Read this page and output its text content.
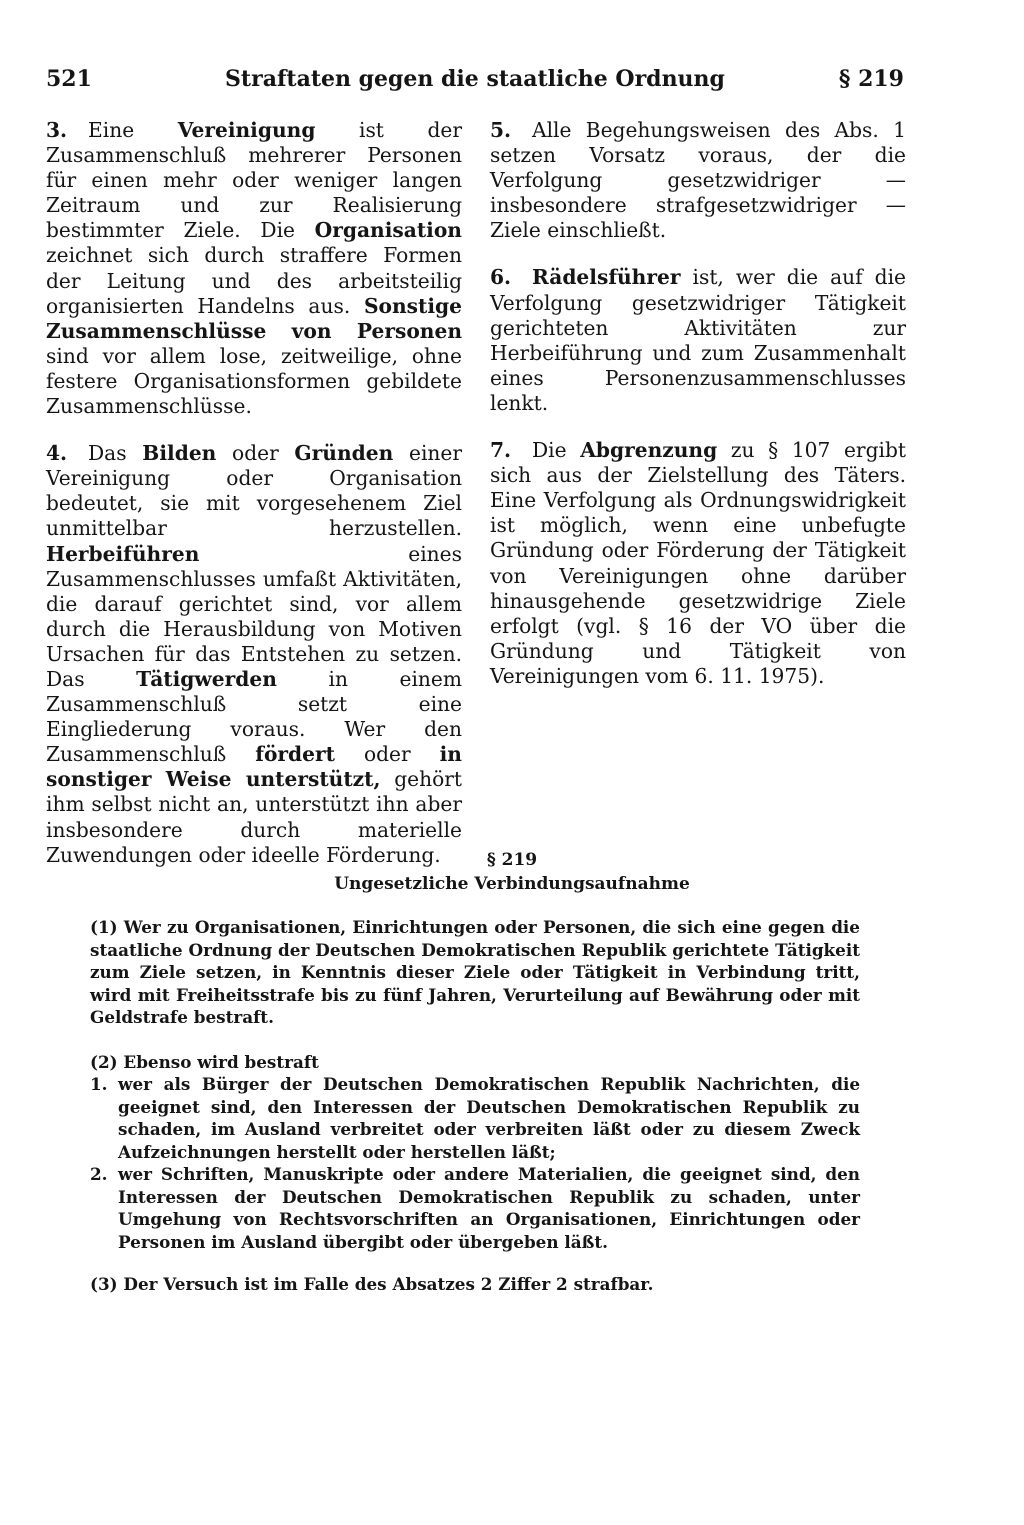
521	Straftaten gegen die staatliche Ordnung	§ 219

3. Eine Vereinigung ist der Zusammenschluß mehrerer Personen für einen mehr oder weniger langen Zeitraum und zur Realisierung bestimmter Ziele. Die Organisation zeichnet sich durch straffere Formen der Leitung und des arbeitsteilig organisierten Handelns aus. Sonstige Zusammenschlüsse von Personen sind vor allem lose, zeitweilige, ohne festere Organisationsformen gebildete Zusammenschlüsse.

4. Das Bilden oder Gründen einer Vereinigung oder Organisation bedeutet, sie mit vorgesehenem Ziel unmittelbar herzustellen. Herbeiführen eines Zusammenschlusses umfaßt Aktivitäten, die darauf gerichtet sind, vor allem durch die Herausbildung von Motiven Ursachen für das Entstehen zu setzen. Das Tätigwerden in einem Zusammenschluß setzt eine Eingliederung voraus. Wer den Zusammenschluß fördert oder in sonstiger Weise unterstützt, gehört ihm selbst nicht an, unterstützt ihn aber insbesondere durch materielle Zuwendungen oder ideelle Förderung.

5. Alle Begehungsweisen des Abs. 1 setzen Vorsatz voraus, der die Verfolgung gesetzwidriger — insbesondere strafgesetzwidriger — Ziele einschließt.

6. Rädelsführer ist, wer die auf die Verfolgung gesetzwidriger Tätigkeit gerichteten Aktivitäten zur Herbeiführung und zum Zusammenhalt eines Personenzusammenschlusses lenkt.

7. Die Abgrenzung zu § 107 ergibt sich aus der Zielstellung des Täters. Eine Verfolgung als Ordnungswidrigkeit ist möglich, wenn eine unbefugte Gründung oder Förderung der Tätigkeit von Vereinigungen ohne darüber hinausgehende gesetzwidrige Ziele erfolgt (vgl. § 16 der VO über die Gründung und Tätigkeit von Vereinigungen vom 6. 11. 1975).

§ 219
Ungesetzliche Verbindungsaufnahme

(1) Wer zu Organisationen, Einrichtungen oder Personen, die sich eine gegen die staatliche Ordnung der Deutschen Demokratischen Republik gerichtete Tätigkeit zum Ziele setzen, in Kenntnis dieser Ziele oder Tätigkeit in Verbindung tritt, wird mit Freiheitsstrafe bis zu fünf Jahren, Verurteilung auf Bewährung oder mit Geldstrafe bestraft.

(2) Ebenso wird bestraft

1. wer als Bürger der Deutschen Demokratischen Republik Nachrichten, die geeignet sind, den Interessen der Deutschen Demokratischen Republik zu schaden, im Ausland verbreitet oder verbreiten läßt oder zu diesem Zweck Aufzeichnungen herstellt oder herstellen läßt;

2. wer Schriften, Manuskripte oder andere Materialien, die geeignet sind, den Interessen der Deutschen Demokratischen Republik zu schaden, unter Umgehung von Rechtsvorschriften an Organisationen, Einrichtungen oder Personen im Ausland übergibt oder übergeben läßt.

(3) Der Versuch ist im Falle des Absatzes 2 Ziffer 2 strafbar.
